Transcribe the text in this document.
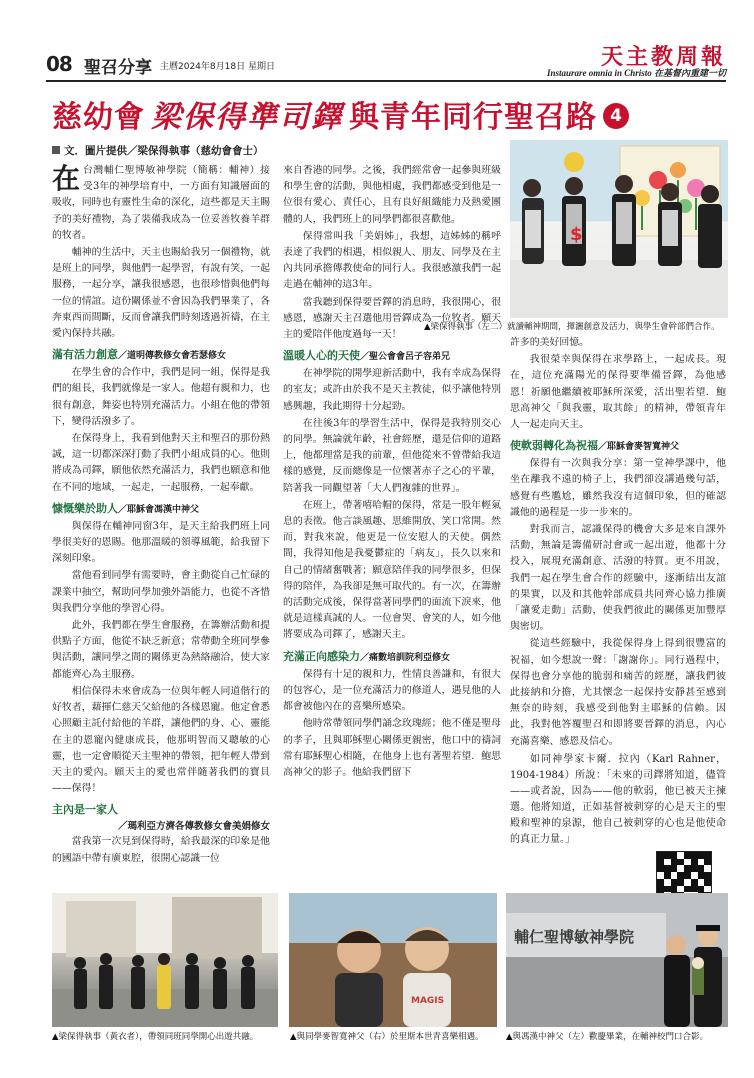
08 聖召分享 主曆2024年8月18日 星期日	天主教周報
Instaurare omnia in Christo 在基督內重建一切
慈幼會 梁保得準司鐸 與青年同行聖召路 4
文．圖片提供／梁保得執事（慈幼會會士）
$
▲梁保得執事（左二）就讀輔神期間，揮灑創意及活力，與學生會幹部們合作。

在台灣輔仁聖博敏神學院（簡稱：輔神）接受3年的神學培育中，一方面有知識層面的吸收，同時也有靈性生命的深化，這些都是天主賜予的美好禮物，為了裝備我成為一位妥善牧養羊群的牧者。

輔神的生活中，天主也賜給我另一個禮物，就是班上的同學，與他們一起學習，有說有笑，一起服務，一起分享，讓我很感恩，也很珍惜與他們每一位的情誼。這份關係並不會因為我們畢業了，各奔東西而間斷，反而會讓我們時刻透過祈禱，在主愛內保持共融。

滿有活力創意／道明傳教修女會若瑟修女

在學生會的合作中，我們是同一組，保得是我們的組長，我們就像是一家人。他超有親和力，也很有創意，舞姿也特別充滿活力。小組在他的帶領下，變得活潑多了。

在保得身上，我看到他對天主和聖召的那份熱誠，這一切都深深打動了我們小組成員的心。他則將成為司鐸，願他依然充滿活力，我們也願意和他在不同的地域，一起走，一起服務，一起奉獻。

慷慨樂於助人／耶穌會馮漢中神父

與保得在輔神同窗3年，是天主給我們班上同學很美好的恩賜。他那溫暖的領導風範，給我留下深刻印象。

當他看到同學有需要時，會主動從自己忙碌的課業中抽空，幫助同學加強外語能力，也從不吝惜與我們分享他的學習心得。

此外，我們都在學生會服務，在籌辦活動和提供點子方面，他從不缺乏新意；常帶動全班同學參與活動，讓同學之間的關係更為熱絡融洽，使大家都能齊心為主服務。

相信保得未來會成為一位與年輕人同道偕行的好牧者，藉揮仁慈天父給他的各樣恩寵。他定會悉心照顧主託付給他的羊群，讓他們的身、心、靈能在主的恩寵內健康成長，他那明智而又聰敏的心靈，也一定會順從天主聖神的帶領，把年輕人帶到天主的愛內。願天主的愛也常伴隨著我們的寶貝——保得！

主內是一家人
／瑪利亞方濟各傳教修女會美娟修女

當我第一次見到保得時，給我最深的印象是他的國語中帶有廣東腔，很開心認識一位

來自香港的同學。之後，我們經常會一起參與班級和學生會的活動，與他相處，我們都感受到他是一位很有愛心、責任心，且有良好組織能力及熱愛團體的人，我們班上的同學們都很喜歡他。

保得常叫我「美娟姊」，我想，這姊姊的稱呼表達了我們的相遇，相似親人、朋友、同學及在主內共同承擔傳教使命的同行人。我很感激我們一起走過在輔神的這3年。

當我聽到保得要晉鐸的消息時，我很開心，很感恩，感謝天主召選他用晉鐸成為一位牧者。願天主的愛陪伴他度過每一天！

溫暖人心的天使／聖公會會呂子容弟兄

在神學院的開學迎新活動中，我有幸成為保得的室友；或許由於我不是天主教徒，似乎讓他特別感興趣，我此期得十分起勁。

在往後3年的學習生活中，保得是我特別交心的同學。無論就年齡，社會經歷，還是信仰的道路上，他都理當是我的前輩，但他從來不曾帶給我這樣的感覺，反而總像是一位懷著赤子之心的平輩，陪著我一同觀望著「大人們複雜的世界」。

在班上，帶著嘻哈帽的保得，常是一股年輕氣息的表徵。他言談風趣、思維開放、笑口常開。然而，對我來說，他更是一位安慰人的天使。偶然間，我得知他是我憂鬱症的「病友」，長久以來和自己的情緒奮戰著；願意陪伴我的同學很多，但保得的陪伴，為我卻是無可取代的。有一次，在籌辦的活動完成後，保得當著同學們的面流下淚來，他就是這樣真誠的人。一位會哭、會笑的人，如今他將要成為司鐸了，感謝天主。

充滿正向感染力／痛數培訓院利亞修女

保得有十足的親和力，性情良善謙和，有很大的包容心，是一位充滿活力的修道人，遇見他的人都會被他內在的喜樂所感染。

他時常帶領同學們誦念玫瑰經；他不僅是聖母的孝子，且與耶穌聖心關係更親密，他口中的禱詞常有耶穌聖心相隨，在他身上也有著聖若望．鮑思高神父的影子。他給我們留下

許多的美好回憶。

我很榮幸與保得在求學路上，一起成長。現在，這位充滿陽光的保得要準備晉鐸，為他感恩！祈願他繼續被耶穌所深愛，活出聖若望．鮑思高神父「與我靈，取其餘」的精神，帶領青年人一起走向天主。

使軟弱轉化為祝福／耶穌會麥智寬神父

保得有一次與我分享：第一堂神學課中，他坐在離我不遠的椅子上，我們卻沒講過幾句話，感覺有些尷尬，雖然我沒有這個印象，但的確認識他的過程是一步一步來的。

對我而言，認識保得的機會大多是來自課外活動，無論是籌備研討會或一起出遊，他都十分投入，展現充滿創意、活潑的特質。更不用說，我們一起在學生會合作的經驗中，逐漸結出友誼的果實，以及和其他幹部成員共同齊心協力推廣「讓愛走動」活動，使我們彼此的關係更加豐厚與密切。

從這些經驗中，我從保得身上得到很豐富的祝福，如今想說一聲：「謝謝你」。同行過程中，保得也會分享他的脆弱和痛苦的經歷，讓我們彼此接納和分擔，尤其懷念一起保持安靜甚至感到無奈的時刻，我感受到他對主耶穌的信賴。因此，我對他答覆聖召和即將要晉鐸的消息，內心充滿喜樂、感恩及信心。

如同神學家卡爾．拉內（Karl Rahner，1904-1984）所說：「未來的司鐸將知道，儘管——或者說，因為——他的軟弱，他已被天主揀選。他將知道，正如基督被刺穿的心是天主的聖殿和聖神的泉源，他自己被刺穿的心也是他使命的真正力量。」

MAGIS
輔仁聖博敏神學院
▲梁保得執事（黃衣者），帶領同班同學開心出遊共融。	▲與同學麥智寬神父（右）於里斯本世青喜樂相遇。	▲與馮漢中神父（左）歡慶畢業，在輔神校門口合影。
